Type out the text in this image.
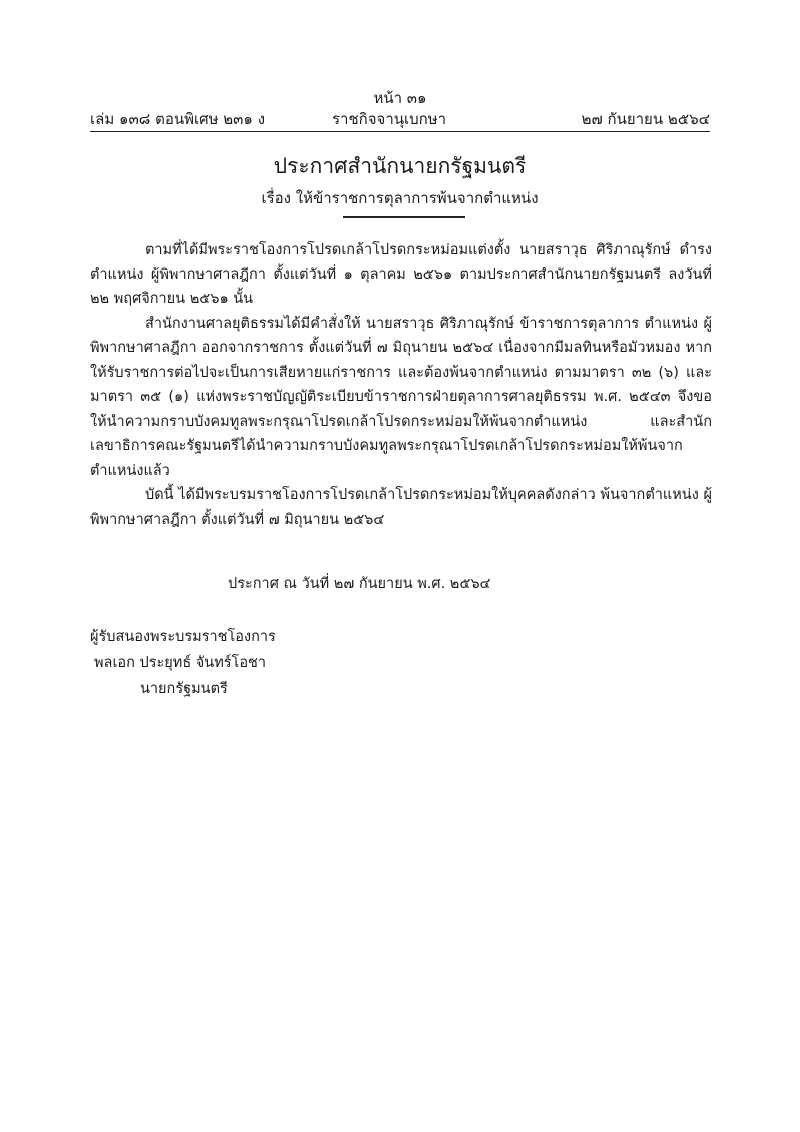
หน้า ๓๑
เล่ม ๑๓๘ ตอนพิเศษ ๒๓๑ ง	ราชกิจจานุเบกษา	๒๗ กันยายน ๒๕๖๔
ประกาศสำนักนายกรัฐมนตรี
เรื่อง ให้ข้าราชการตุลาการพ้นจากตำแหน่ง

ตามที่ได้มีพระราชโองการโปรดเกล้าโปรดกระหม่อมแต่งตั้ง นายสราวุธ ศิริภาณุรักษ์ ดำรงตำแหน่ง ผู้พิพากษาศาลฎีกา ตั้งแต่วันที่ ๑ ตุลาคม ๒๕๖๑ ตามประกาศสำนักนายกรัฐมนตรี ลงวันที่ ๒๒ พฤศจิกายน ๒๕๖๑ นั้น

สำนักงานศาลยุติธรรมได้มีคำสั่งให้ นายสราวุธ ศิริภาณุรักษ์ ข้าราชการตุลาการ ตำแหน่ง ผู้พิพากษาศาลฎีกา ออกจากราชการ ตั้งแต่วันที่ ๗ มิถุนายน ๒๕๖๔ เนื่องจากมีมลทินหรือมัวหมอง หากให้รับราชการต่อไปจะเป็นการเสียหายแก่ราชการ และต้องพ้นจากตำแหน่ง ตามมาตรา ๓๒ (๖) และมาตรา ๓๕ (๑) แห่งพระราชบัญญัติระเบียบข้าราชการฝ่ายตุลาการศาลยุติธรรม พ.ศ. ๒๕๔๓ จึงขอให้นำความกราบบังคมทูลพระกรุณาโปรดเกล้าโปรดกระหม่อมให้พ้นจากตำแหน่ง และสำนัก เลขาธิการคณะรัฐมนตรีได้นำความกราบบังคมทูลพระกรุณาโปรดเกล้าโปรดกระหม่อมให้พ้นจาก ตำแหน่งแล้ว

บัดนี้ ได้มีพระบรมราชโองการโปรดเกล้าโปรดกระหม่อมให้บุคคลดังกล่าว พ้นจากตำแหน่ง ผู้พิพากษาศาลฎีกา ตั้งแต่วันที่ ๗ มิถุนายน ๒๕๖๔

ประกาศ ณ วันที่ ๒๗ กันยายน พ.ศ. ๒๕๖๔
ผู้รับสนองพระบรมราชโองการ
พลเอก ประยุทธ์ จันทร์โอชา
นายกรัฐมนตรี
